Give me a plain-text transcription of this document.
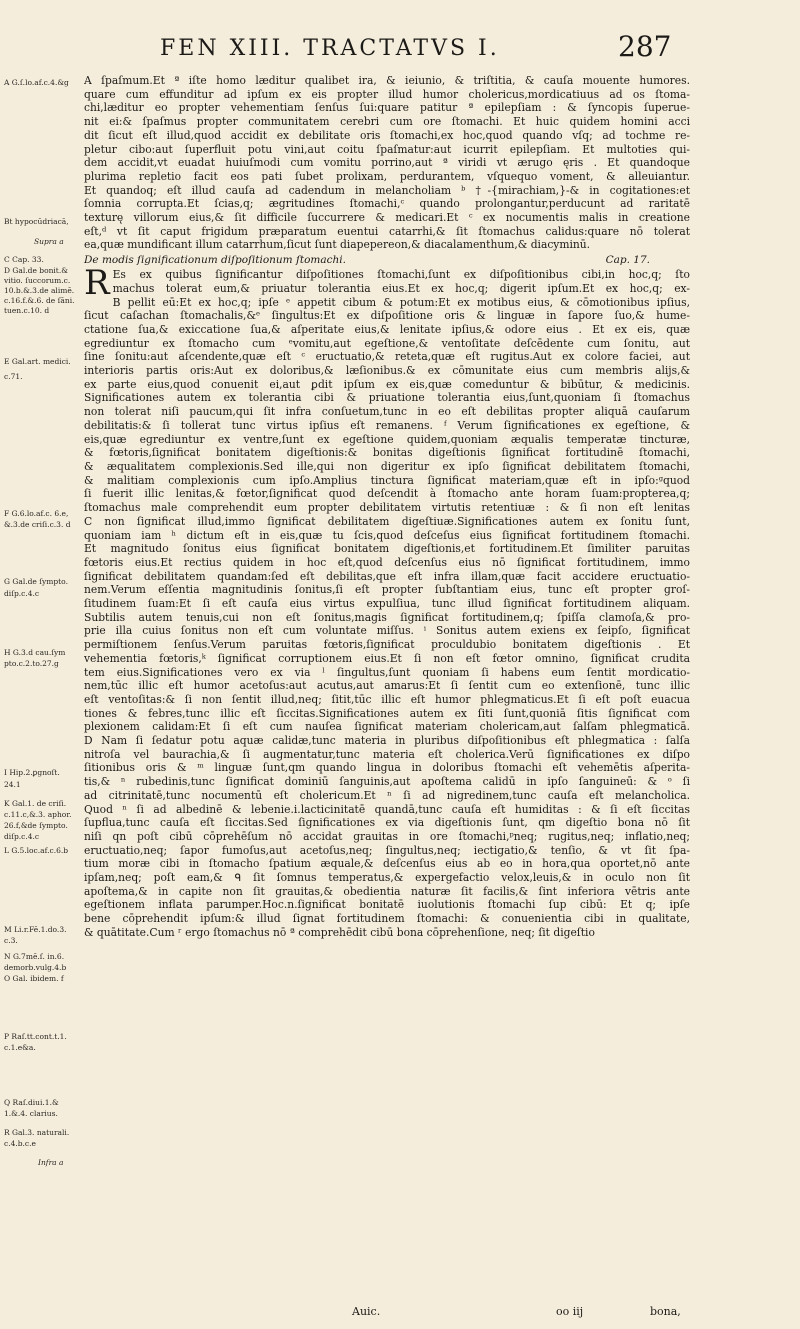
FEN XIII. TRACTATVS I.	287
A G.ſ.lo.af.c.4.&g
Bt hypocūdriacā,
Supra a
C Cap. 33.
D Gal.de bonit.&
vitio. ſuccorum.c.
10.b.&.3.de alimē.
c.16.f.&.6. de ſāni.
tuen.c.10. d
E Gal.art. medici.
c.71.
F G.6.lo.af.c. 6.e,
&.3.de criſi.c.3. d
G Gal.de ſympto.
diſp.c.4.c
H G.3.d cau.ſym
pto.c.2.to.27.g
I Hip.2.ꝑgnoſt.
24.1
K Gal.1. de criſi.
c.11.c,&.3. aphor.
26.f,&de ſympto.
diſp.c.4.c
L G.5.loc.af.c.6.b
M Li.r.Fē.1.do.3.
c.3.
N G.7mē.ſ. in.6.
demorb.vulg.4.b
O Gal. ibidem. f
P Raſ.tt.cont.t.1.
c.1.e&a.
Q Raſ.diui.1.&
1.&.4. clarius.
R Gal.3. naturali.
c.4.b.c.e
Infra a
A ſpaſmum.Et ª iſte homo læditur qualibet ira, & ieiunio, & triſtitia, & cauſa mouente humores.
quare cum effunditur ad ipſum ex eis propter illud humor cholericus,mordicatiuus ad os ſtoma-
chi,læditur eo propter vehementiam ſenſus ſui:quare patitur ª epilepſiam : & ſyncopis ſuperue-
nit ei:& ſpaſmus propter communitatem cerebri cum ore ſtomachi. Et huic quidem homini acci
dit ſicut eſt illud,quod accidit ex debilitate oris ſtomachi,ex hoc,quod quando vſq; ad tochme re-
pletur cibo:aut ſuperfluit potu vini,aut coitu ſpaſmatur:aut icurrit epilepſiam. Et multoties qui-
dem accidit,vt euadat huiuſmodi cum vomitu porrino,aut ª viridi vt ærugo ęris . Et quandoque
plurima repletio facit eos pati ſubet prolixam, perdurantem, vſquequo voment, & alleuiantur.
Et quandoq; eſt illud cauſa ad cadendum in melancholiam ᵇ †-{mirachiam,}-& in cogitationes:et
ſomnia corrupta.Et ſcias,q; ægritudines ſtomachi,ᶜ quando prolongantur,perducunt ad raritatē
texturę villorum eius,& ſit difficile ſuccurrere & medicari.Et ᶜ ex nocumentis malis in creatione
eſt,ᵈ vt ſit caput frigidum præparatum euentui catarrhi,& ſit ſtomachus calidus:quare nō tolerat
ea,quæ mundificant illum catarrhum,ſicut ſunt diapepereon,& diacalamenthum,& diacyminū.
De modis ſignificationum diſpoſitionum ſtomachi.	Cap. 17.
R Es ex quibus ſignificantur diſpoſitiones ſtomachi,ſunt ex diſpoſitionibus cibi,in hoc,q; ſto
machus tolerat eum,& priuatur tolerantia eius.Et ex hoc,q; digerit ipſum.Et ex hoc,q; ex-
B pellit eū:Et ex hoc,q; ipſe ᵉ appetit cibum & potum:Et ex motibus eius, & cōmotionibus ipſius,
ſicut caſachan ſtomachalis,&ᵉ ſingultus:Et ex diſpoſitione oris & linguæ in ſapore ſuo,& hume-
ctatione ſua,& exiccatione ſua,& aſperitate eius,& lenitate ipſius,& odore eius . Et ex eis, quæ
egrediuntur ex ſtomacho cum ᵉvomitu,aut egeſtione,& ventoſitate deſcēdente cum ſonitu, aut
ſine ſonitu:aut aſcendente,quæ eſt ᶜ eructuatio,& reteta,quæ eſt rugitus.Aut ex colore faciei, aut
interioris partis oris:Aut ex doloribus,& læſionibus.& ex cōmunitate eius cum membris alijs,&
ex parte eius,quod conuenit ei,aut ꝑdit ipſum ex eis,quæ comeduntur & bibūtur, & medicinis.
Significationes autem ex tolerantia cibi & priuatione tolerantia eius,ſunt,quoniam ſi ſtomachus
non tolerat niſi paucum,qui ſit infra conſuetum,tunc in eo eſt debilitas propter aliquā cauſarum
debilitatis:& ſi tollerat tunc virtus ipſius eſt remanens. ᶠ Verum ſignificationes ex egeſtione, &
eis,quæ egrediuntur ex ventre,ſunt ex egeſtione quidem,quoniam æqualis temperatæ tincturæ,
& fœtoris,ſignificat bonitatem digeſtionis:& bonitas digeſtionis ſignificat fortitudinē ſtomachi,
& æqualitatem complexionis.Sed ille,qui non digeritur ex ipſo ſignificat debilitatem ſtomachi,
& malitiam complexionis cum ipſo.Amplius tinctura ſignificat materiam,quæ eſt in ipſo:ᵍquod
ſi fuerit illic lenitas,& fœtor,ſignificat quod deſcendit à ſtomacho ante horam ſuam:propterea,q;
ſtomachus male comprehendit eum propter debilitatem virtutis retentiuæ : & ſi non eſt lenitas
C non ſignificat illud,immo ſignificat debilitatem digeſtiuæ.Significationes autem ex ſonitu ſunt,
quoniam iam ʰ dictum eſt in eis,quæ tu ſcis,quod deſceſus eius ſignificat fortitudinem ſtomachi.
Et magnitudo ſonitus eius ſignificat bonitatem digeſtionis,et fortitudinem.Et ſimiliter paruitas
fœtoris eius.Et rectius quidem in hoc eſt,quod deſcenſus eius nō ſignificat fortitudinem, immo
ſignificat debilitatem quandam:ſed eſt debilitas,que eſt infra illam,quæ facit accidere eructuatio-
nem.Verum eſſentia magnitudinis ſonitus,ſi eſt propter ſubſtantiam eius, tunc eſt propter groſ-
ſitudinem ſuam:Et ſi eſt cauſa eius virtus expulſiua, tunc illud ſignificat fortitudinem aliquam.
Subtilis autem tenuis,cui non eſt ſonitus,magis ſignificat fortitudinem,q; ſpiſſa clamoſa,& pro-
prie illa cuius ſonitus non eſt cum voluntate miſſus. ⁱ Sonitus autem exiens ex ſeipſo, ſignificat
permiſtionem ſenſus.Verum paruitas fœtoris,ſignificat proculdubio bonitatem digeſtionis . Et
vehementia fœtoris,ᵏ ſignificat corruptionem eius.Et ſi non eſt fœtor omnino, ſignificat crudita
tem eius.Significationes vero ex via ˡ ſingultus,ſunt quoniam ſi habens eum ſentit mordicatio-
nem,tūc illic eſt humor acetoſus:aut acutus,aut amarus:Et ſi ſentit cum eo extenſionē, tunc illic
eſt ventoſitas:& ſi non ſentit illud,neq; ſitit,tūc illic eſt humor phlegmaticus.Et ſi eſt poſt euacua
tiones & febres,tunc illic eſt ſiccitas.Significationes autem ex ſiti ſunt,quoniā ſitis ſignificat com
plexionem calidam:Et ſi eſt cum nauſea ſignificat materiam cholericam,aut ſalſam phlegmaticā.
D Nam ſi ſedatur potu aquæ calidæ,tunc materia in pluribus diſpoſitionibus eſt phlegmatica : ſalſa
nitroſa vel baurachia,& ſi augmentatur,tunc materia eſt cholerica.Verū ſignificationes ex diſpo
ſitionibus oris & ᵐ linguæ ſunt,qm quando lingua in doloribus ſtomachi eſt vehemētis aſperita-
tis,& ⁿ rubedinis,tunc ſignificat dominiū ſanguinis,aut apoſtema calidū in ipſo ſanguineū: & ᵒ ſi
ad citrinitatē,tunc nocumentū eſt cholericum.Et ⁿ ſi ad nigredinem,tunc cauſa eſt melancholica.
Quod ⁿ ſi ad albedinē & lebenie.i.lacticinitatē quandā,tunc cauſa eſt humiditas : & ſi eſt ſiccitas
ſupflua,tunc cauſa eſt ſiccitas.Sed ſignificationes ex via digeſtionis ſunt, qm digeſtio bona nō ſit
niſi qn poſt cibū cōprehēſum nō accidat grauitas in ore ſtomachi,ᵖneq; rugitus,neq; inflatio,neq;
eructuatio,neq; ſapor fumoſus,aut acetoſus,neq; ſingultus,neq; iectigatio,& tenſio, & vt ſit ſpa-
tium moræ cibi in ſtomacho ſpatium æquale,& deſcenſus eius ab eo in hora,qua oportet,nō ante
ipſam,neq; poſt eam,& ᑫ ſit ſomnus temperatus,& expergefactio velox,leuis,& in oculo non ſit
apoſtema,& in capite non ſit grauitas,& obedientia naturæ ſit facilis,& ſint inferiora vētris ante
egeſtionem inflata parumper.Hoc.n.ſignificat bonitatē iuolutionis ſtomachi ſup cibū: Et q; ipſe
bene cōprehendit ipſum:& illud ſignat fortitudinem ſtomachi: & conuenientia cibi in qualitate,
& quātitate.Cum ʳ ergo ſtomachus nō ª comprehēdit cibū bona cōprehenſione, neq; ſit digeſtio
Auic.	oo iij	bona,
